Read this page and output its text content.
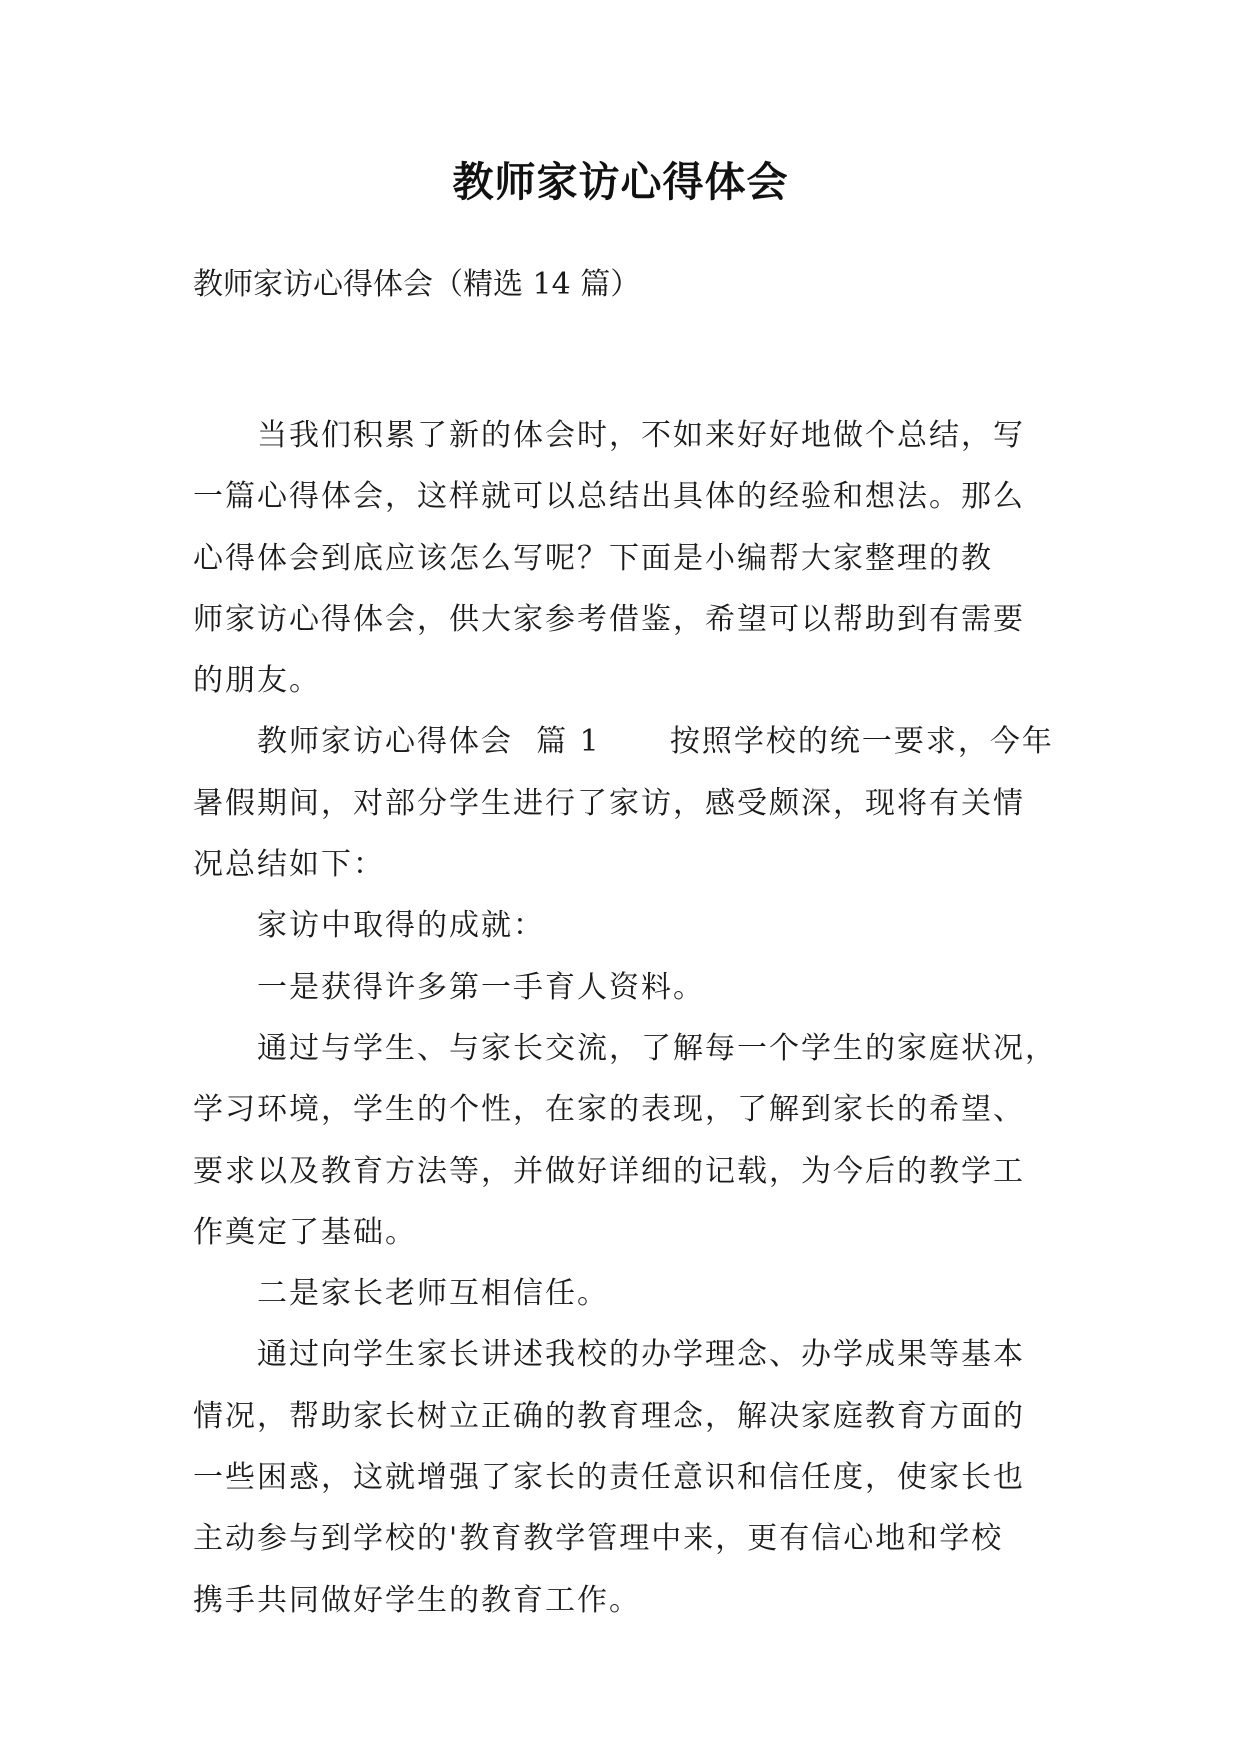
教师家访心得体会
教师家访心得体会（精选 14 篇）
当我们积累了新的体会时，不如来好好地做个总结，写
一篇心得体会，这样就可以总结出具体的经验和想法。那么
心得体会到底应该怎么写呢？下面是小编帮大家整理的教
师家访心得体会，供大家参考借鉴，希望可以帮助到有需要
的朋友。
教师家访心得体会  篇 1      按照学校的统一要求，今年
暑假期间，对部分学生进行了家访，感受颇深，现将有关情
况总结如下：
家访中取得的成就：
一是获得许多第一手育人资料。
通过与学生、与家长交流，了解每一个学生的家庭状况，
学习环境，学生的个性，在家的表现，了解到家长的希望、
要求以及教育方法等，并做好详细的记载，为今后的教学工
作奠定了基础。
二是家长老师互相信任。
通过向学生家长讲述我校的办学理念、办学成果等基本
情况，帮助家长树立正确的教育理念，解决家庭教育方面的
一些困惑，这就增强了家长的责任意识和信任度，使家长也
主动参与到学校的'教育教学管理中来，更有信心地和学校
携手共同做好学生的教育工作。
